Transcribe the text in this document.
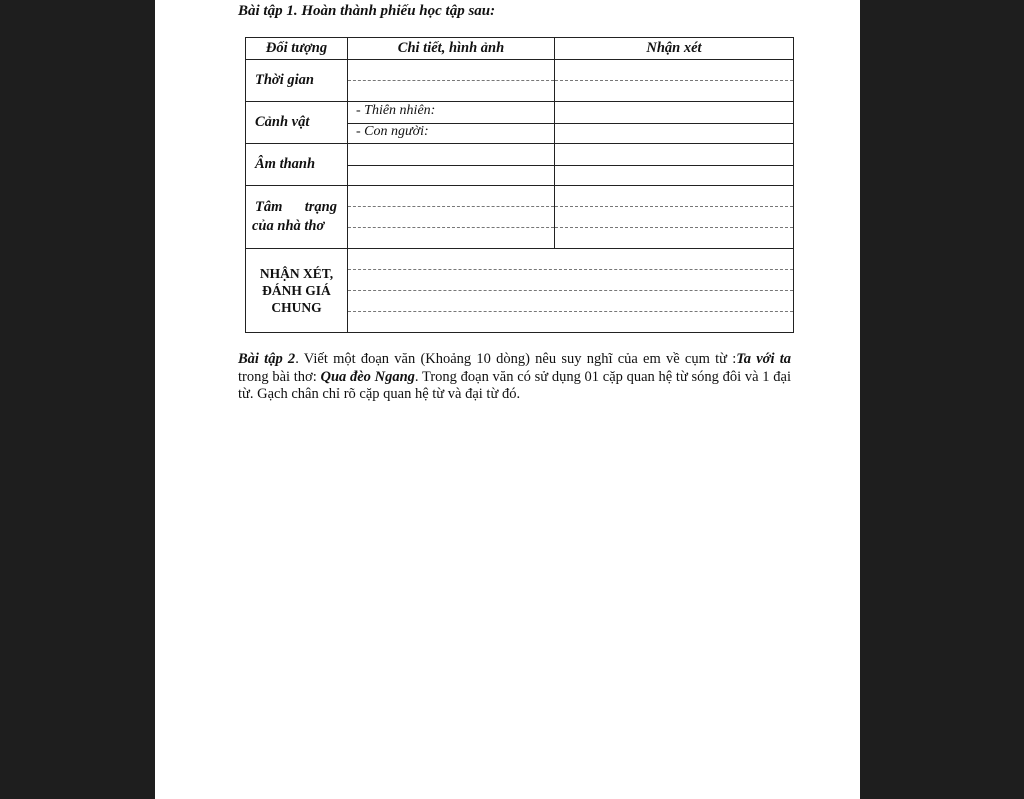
Bài tập 1. Hoàn thành phiếu học tập sau:
Đối tượng	Chi tiết, hình ảnh	Nhận xét
Thời gian	

Cảnh vật	- Thiên nhiên:
- Con người:	

Âm thanh	

Tâm trạng
của nhà thơ		

NHẬN XÉT,
ĐÁNH GIÁ
CHUNG		

Bài tập 2. Viết một đoạn văn (Khoảng 10 dòng) nêu suy nghĩ của em về cụm từ :Ta với ta trong bài thơ: Qua đèo Ngang. Trong đoạn văn có sử dụng 01 cặp quan hệ từ sóng đôi và 1 đại từ. Gạch chân chỉ rõ cặp quan hệ từ và đại từ đó.
